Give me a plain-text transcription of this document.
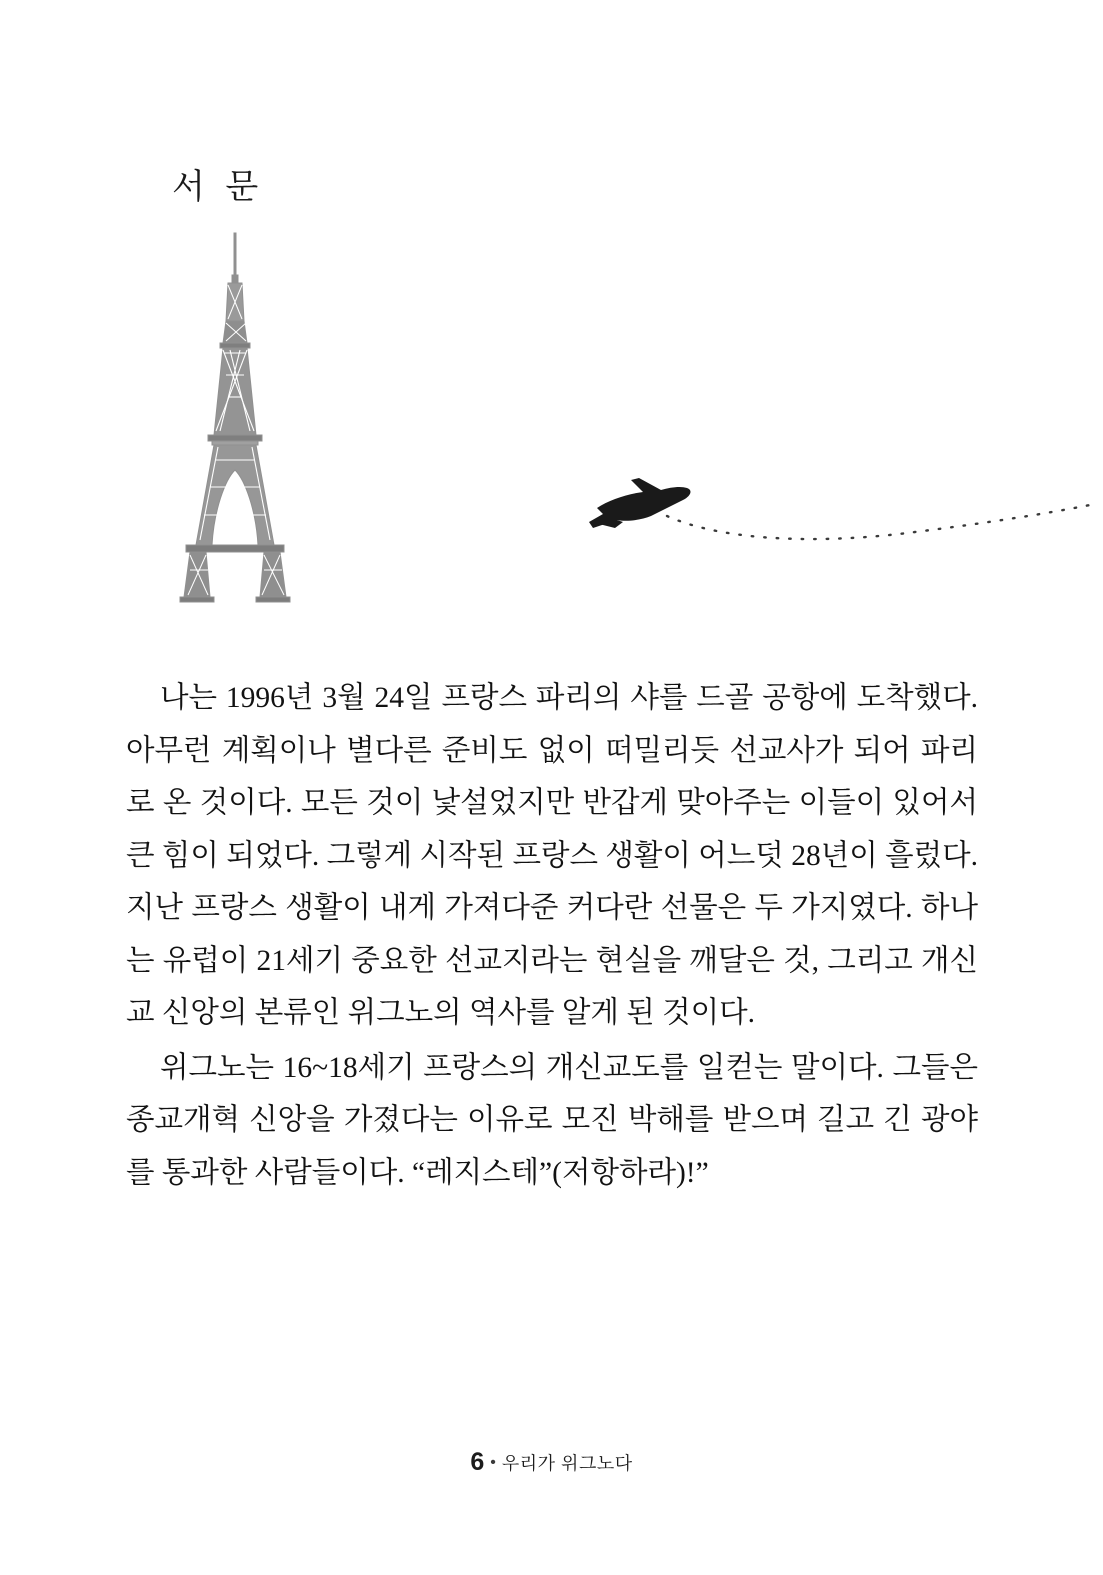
서 문

나는 1996년 3월 24일 프랑스 파리의 샤를 드골 공항에 도착했다. 아무런 계획이나 별다른 준비도 없이 떠밀리듯 선교사가 되어 파리로 온 것이다. 모든 것이 낯설었지만 반갑게 맞아주는 이들이 있어서 큰 힘이 되었다. 그렇게 시작된 프랑스 생활이 어느덧 28년이 흘렀다. 지난 프랑스 생활이 내게 가져다준 커다란 선물은 두 가지였다. 하나는 유럽이 21세기 중요한 선교지라는 현실을 깨달은 것, 그리고 개신교 신앙의 본류인 위그노의 역사를 알게 된 것이다.

위그노는 16~18세기 프랑스의 개신교도를 일컫는 말이다. 그들은 종교개혁 신앙을 가졌다는 이유로 모진 박해를 받으며 길고 긴 광야를 통과한 사람들이다. “레지스테”(저항하라)!”

6 • 우리가 위그노다
